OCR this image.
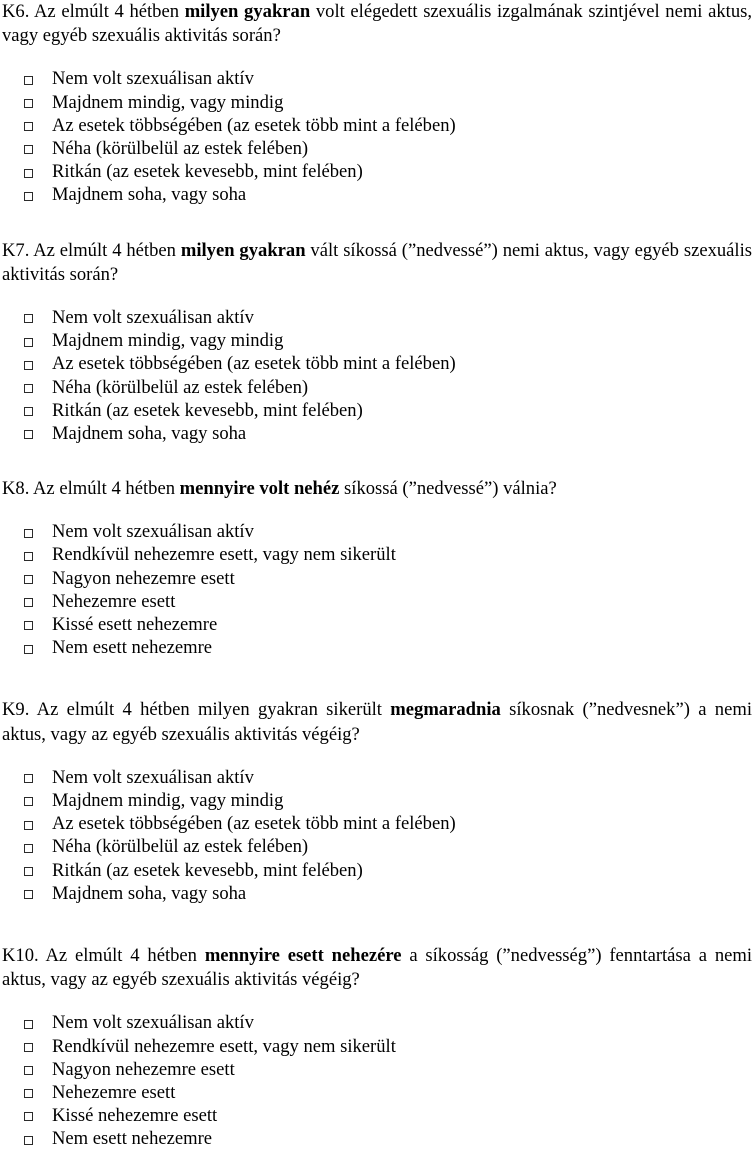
K6. Az elmúlt 4 hétben milyen gyakran volt elégedett szexuális izgalmának szintjével nemi aktus, vagy egyéb szexuális aktivitás során?

Nem volt szexuálisan aktív
Majdnem mindig, vagy mindig
Az esetek többségében (az esetek több mint a felében)
Néha (körülbelül az estek felében)
Ritkán (az esetek kevesebb, mint felében)
Majdnem soha, vagy soha

K7. Az elmúlt 4 hétben milyen gyakran vált síkossá (”nedvessé”) nemi aktus, vagy egyéb szexuális aktivitás során?

Nem volt szexuálisan aktív
Majdnem mindig, vagy mindig
Az esetek többségében (az esetek több mint a felében)
Néha (körülbelül az estek felében)
Ritkán (az esetek kevesebb, mint felében)
Majdnem soha, vagy soha

K8. Az elmúlt 4 hétben mennyire volt nehéz síkossá (”nedvessé”) válnia?

Nem volt szexuálisan aktív
Rendkívül nehezemre esett, vagy nem sikerült
Nagyon nehezemre esett
Nehezemre esett
Kissé esett nehezemre
Nem esett nehezemre

K9. Az elmúlt 4 hétben milyen gyakran sikerült megmaradnia síkosnak (”nedvesnek”) a nemi aktus, vagy az egyéb szexuális aktivitás végéig?

Nem volt szexuálisan aktív
Majdnem mindig, vagy mindig
Az esetek többségében (az esetek több mint a felében)
Néha (körülbelül az estek felében)
Ritkán (az esetek kevesebb, mint felében)
Majdnem soha, vagy soha

K10. Az elmúlt 4 hétben mennyire esett nehezére a síkosság (”nedvesség”) fenntartása a nemi aktus, vagy az egyéb szexuális aktivitás végéig?

Nem volt szexuálisan aktív
Rendkívül nehezemre esett, vagy nem sikerült
Nagyon nehezemre esett
Nehezemre esett
Kissé nehezemre esett
Nem esett nehezemre
